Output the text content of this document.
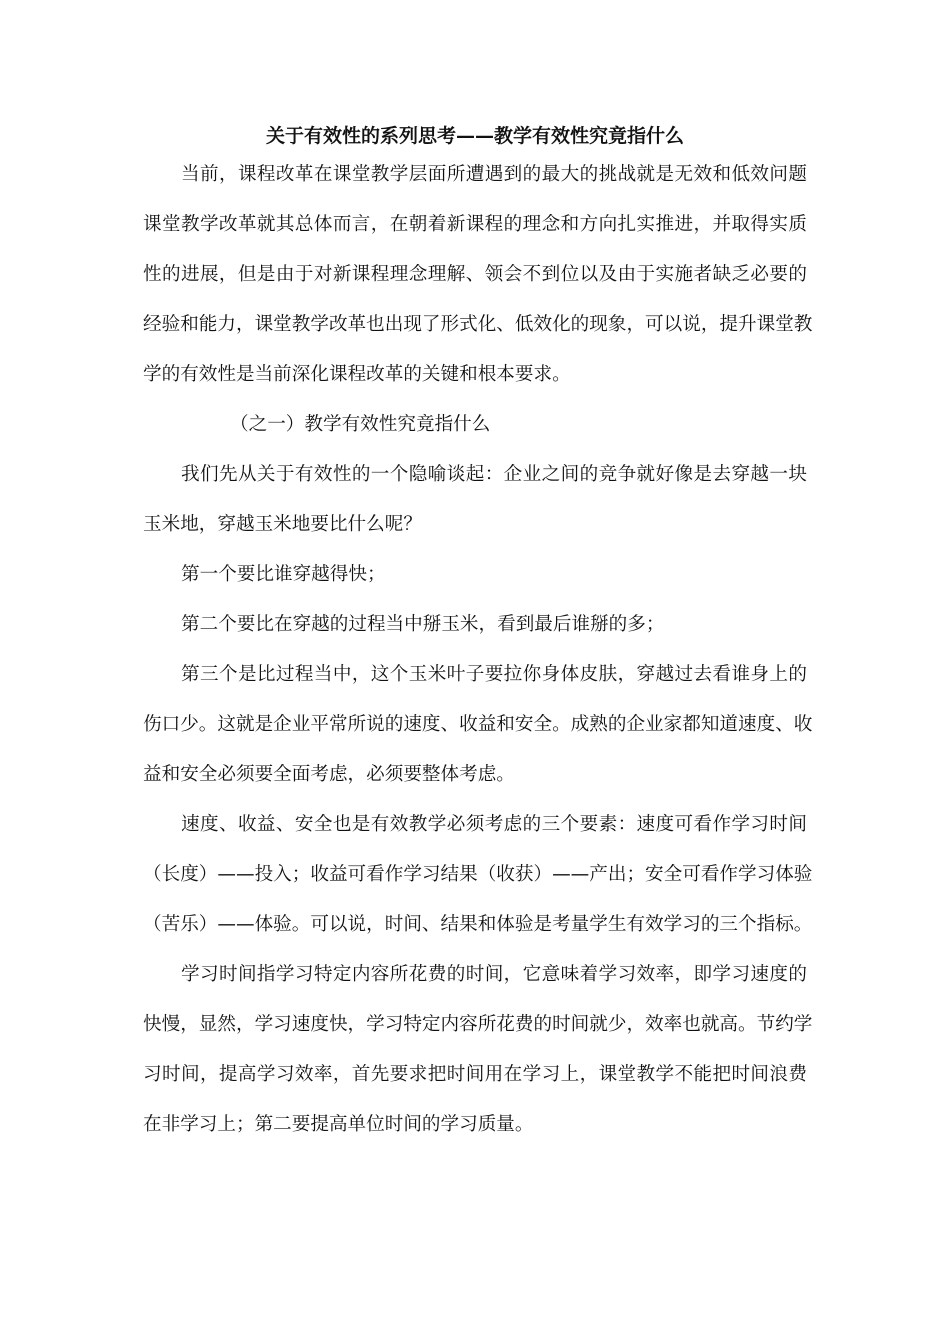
关于有效性的系列思考——教学有效性究竟指什么
当前，课程改革在课堂教学层面所遭遇到的最大的挑战就是无效和低效问题
课堂教学改革就其总体而言，在朝着新课程的理念和方向扎实推进，并取得实质
性的进展，但是由于对新课程理念理解、领会不到位以及由于实施者缺乏必要的
经验和能力，课堂教学改革也出现了形式化、低效化的现象，可以说，提升课堂教
学的有效性是当前深化课程改革的关键和根本要求。
（之一）教学有效性究竟指什么
我们先从关于有效性的一个隐喻谈起：企业之间的竞争就好像是去穿越一块
玉米地，穿越玉米地要比什么呢？
第一个要比谁穿越得快；
第二个要比在穿越的过程当中掰玉米，看到最后谁掰的多；
第三个是比过程当中，这个玉米叶子要拉你身体皮肤，穿越过去看谁身上的
伤口少。这就是企业平常所说的速度、收益和安全。成熟的企业家都知道速度、收
益和安全必须要全面考虑，必须要整体考虑。
速度、收益、安全也是有效教学必须考虑的三个要素：速度可看作学习时间
（长度）——投入；收益可看作学习结果（收获）——产出；安全可看作学习体验
（苦乐）——体验。可以说，时间、结果和体验是考量学生有效学习的三个指标。
学习时间指学习特定内容所花费的时间，它意味着学习效率，即学习速度的
快慢，显然，学习速度快，学习特定内容所花费的时间就少，效率也就高。节约学
习时间，提高学习效率，首先要求把时间用在学习上，课堂教学不能把时间浪费
在非学习上；第二要提高单位时间的学习质量。
